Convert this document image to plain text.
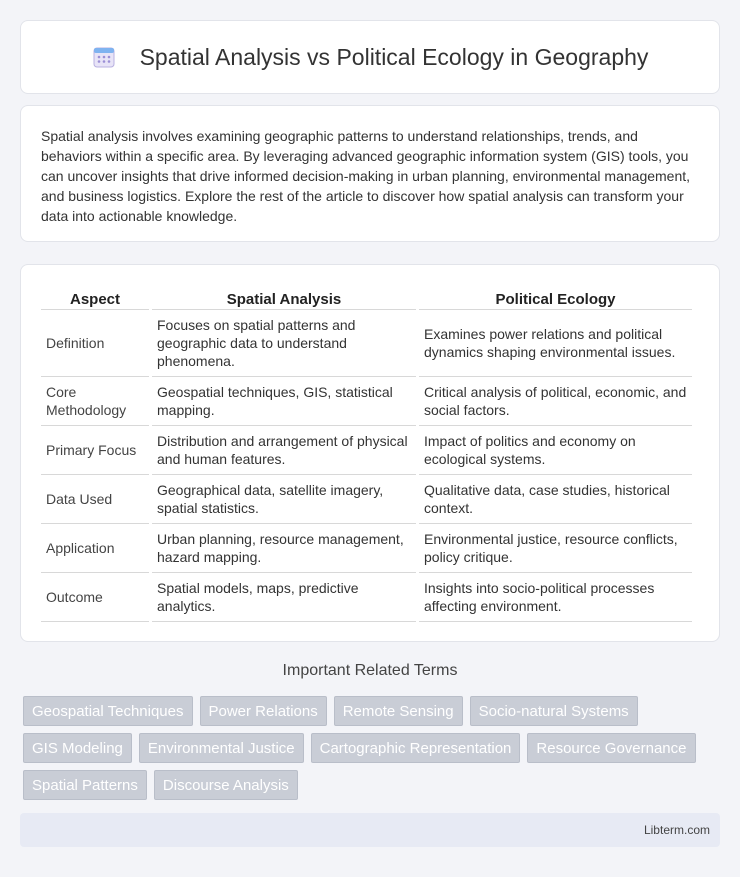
Spatial Analysis vs Political Ecology in Geography

Spatial analysis involves examining geographic patterns to understand relationships, trends, and behaviors within a specific area. By leveraging advanced geographic information system (GIS) tools, you can uncover insights that drive informed decision-making in urban planning, environmental management, and business logistics. Explore the rest of the article to discover how spatial analysis can transform your data into actionable knowledge.

Aspect	Spatial Analysis	Political Ecology
Definition	Focuses on spatial patterns and geographic data to understand phenomena.	Examines power relations and political dynamics shaping environmental issues.
Core Methodology	Geospatial techniques, GIS, statistical mapping.	Critical analysis of political, economic, and social factors.
Primary Focus	Distribution and arrangement of physical and human features.	Impact of politics and economy on ecological systems.
Data Used	Geographical data, satellite imagery, spatial statistics.	Qualitative data, case studies, historical context.
Application	Urban planning, resource management, hazard mapping.	Environmental justice, resource conflicts, policy critique.
Outcome	Spatial models, maps, predictive analytics.	Insights into socio-political processes affecting environment.
Important Related Terms
Geospatial Techniques	Power Relations	Remote Sensing	Socio-natural Systems
GIS Modeling	Environmental Justice	Cartographic Representation	Resource Governance
Spatial Patterns	Discourse Analysis
Libterm.com
